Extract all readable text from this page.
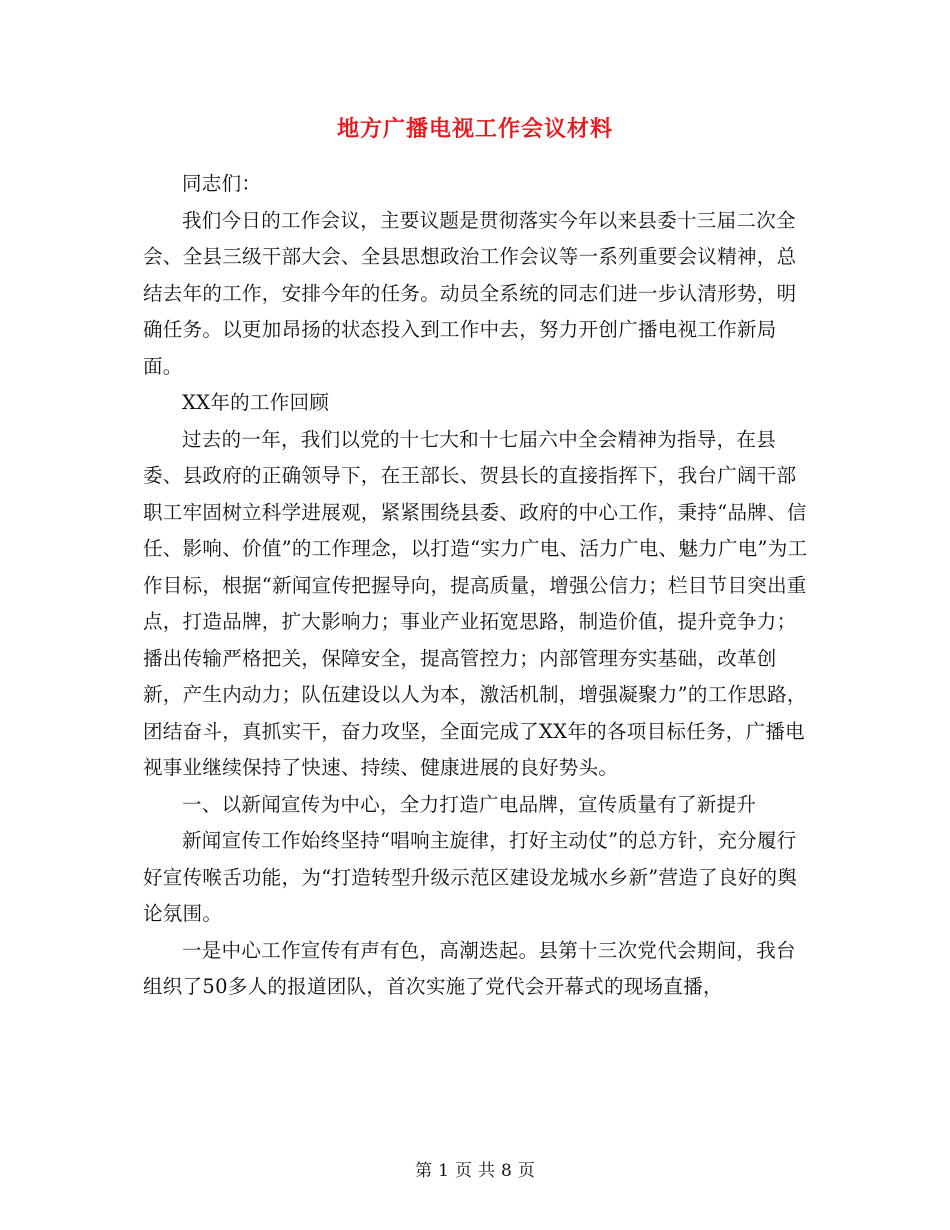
地方广播电视工作会议材料

同志们：

我们今日的工作会议，主要议题是贯彻落实今年以来县委十三届二次全会、全县三级干部大会、全县思想政治工作会议等一系列重要会议精神，总结去年的工作，安排今年的任务。动员全系统的同志们进一步认清形势，明确任务。以更加昂扬的状态投入到工作中去，努力开创广播电视工作新局面。

XX年的工作回顾

过去的一年，我们以党的十七大和十七届六中全会精神为指导，在县委、县政府的正确领导下，在王部长、贺县长的直接指挥下，我台广阔干部职工牢固树立科学进展观，紧紧围绕县委、政府的中心工作，秉持“品牌、信任、影响、价值”的工作理念，以打造“实力广电、活力广电、魅力广电”为工作目标，根据“新闻宣传把握导向，提高质量，增强公信力；栏目节目突出重点，打造品牌，扩大影响力；事业产业拓宽思路，制造价值，提升竞争力；播出传输严格把关，保障安全，提高管控力；内部管理夯实基础，改革创新，产生内动力；队伍建设以人为本，激活机制，增强凝聚力”的工作思路，团结奋斗，真抓实干，奋力攻坚，全面完成了XX年的各项目标任务，广播电视事业继续保持了快速、持续、健康进展的良好势头。

一、以新闻宣传为中心，全力打造广电品牌，宣传质量有了新提升

新闻宣传工作始终坚持“唱响主旋律，打好主动仗”的总方针，充分履行好宣传喉舌功能，为“打造转型升级示范区建设龙城水乡新”营造了良好的舆论氛围。

一是中心工作宣传有声有色，高潮迭起。县第十三次党代会期间，我台组织了50多人的报道团队，首次实施了党代会开幕式的现场直播，

第 1 页 共 8 页
